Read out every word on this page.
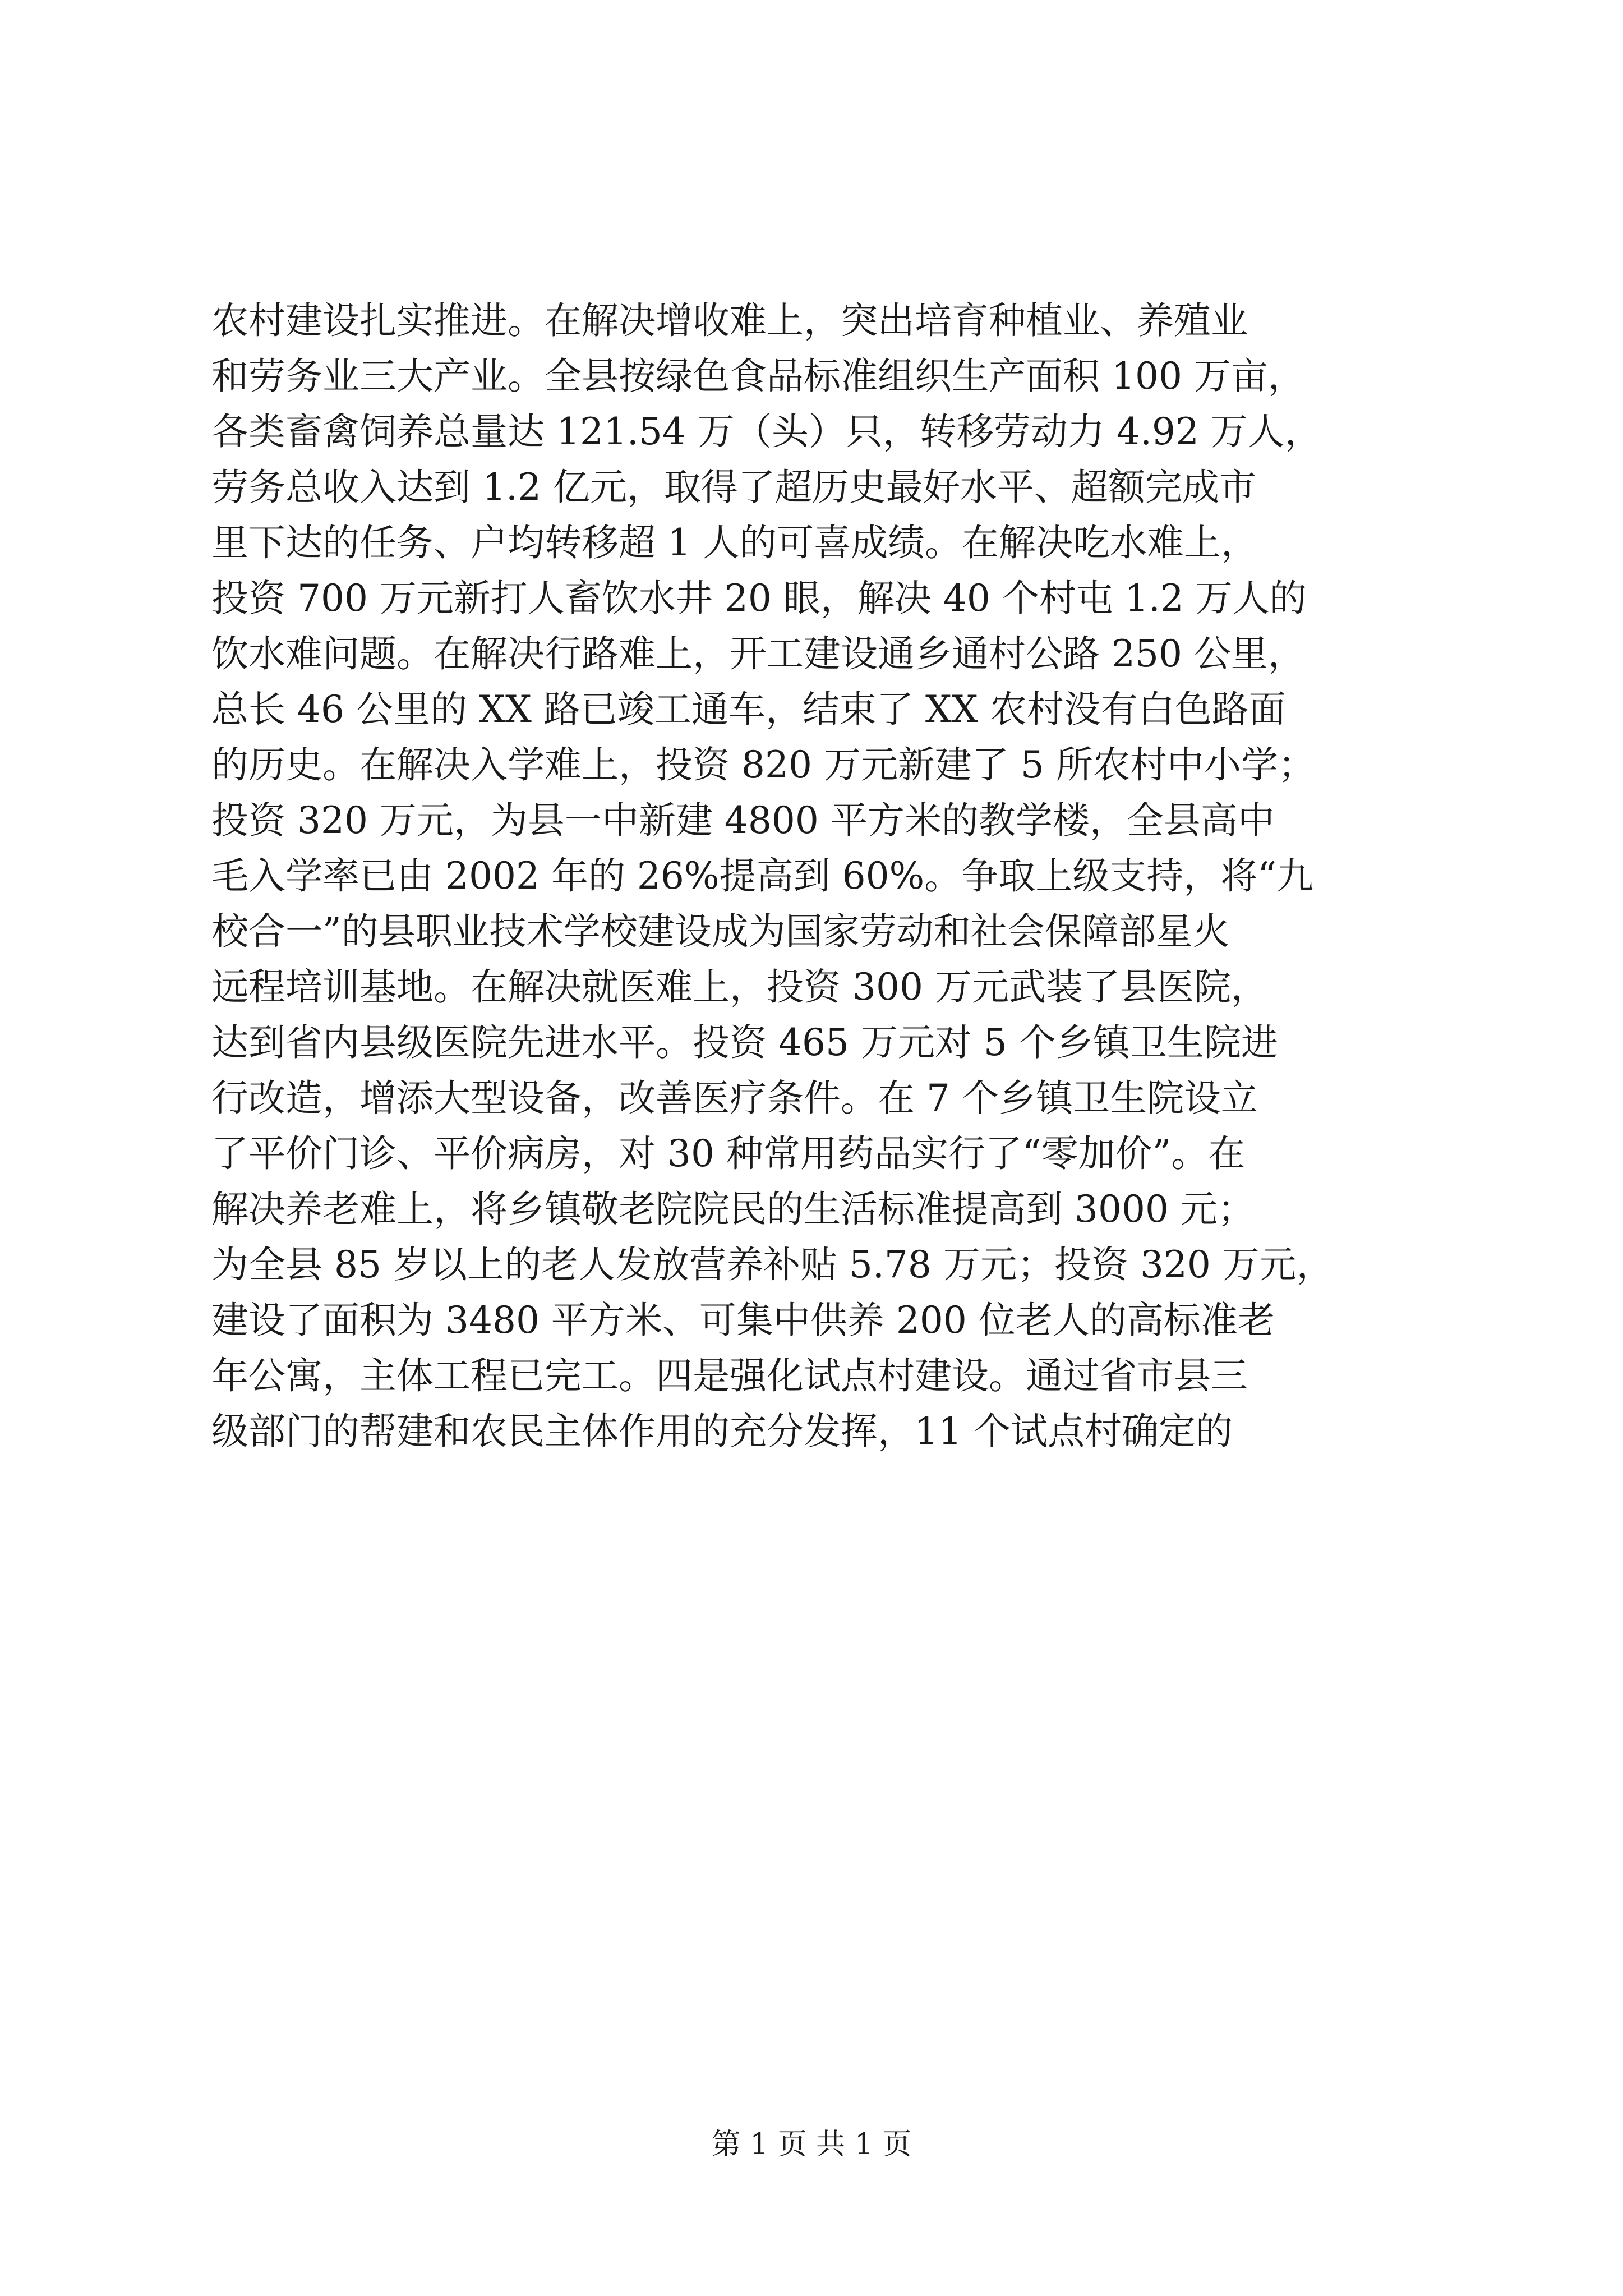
农村建设扎实推进。在解决增收难上，突出培育种植业、养殖业
和劳务业三大产业。全县按绿色食品标准组织生产面积 100 万亩，
各类畜禽饲养总量达 121.54 万（头）只，转移劳动力 4.92 万人，
劳务总收入达到 1.2 亿元，取得了超历史最好水平、超额完成市
里下达的任务、户均转移超 1 人的可喜成绩。在解决吃水难上，
投资 700 万元新打人畜饮水井 20 眼，解决 40 个村屯 1.2 万人的
饮水难问题。在解决行路难上，开工建设通乡通村公路 250 公里，
总长 46 公里的 XX 路已竣工通车，结束了 XX 农村没有白色路面
的历史。在解决入学难上，投资 820 万元新建了 5 所农村中小学；
投资 320 万元，为县一中新建 4800 平方米的教学楼，全县高中
毛入学率已由 2002 年的 26%提高到 60%。争取上级支持，将“九
校合一”的县职业技术学校建设成为国家劳动和社会保障部星火
远程培训基地。在解决就医难上，投资 300 万元武装了县医院，
达到省内县级医院先进水平。投资 465 万元对 5 个乡镇卫生院进
行改造，增添大型设备，改善医疗条件。在 7 个乡镇卫生院设立
了平价门诊、平价病房，对 30 种常用药品实行了“零加价”。在
解决养老难上，将乡镇敬老院院民的生活标准提高到 3000 元；
为全县 85 岁以上的老人发放营养补贴 5.78 万元；投资 320 万元，
建设了面积为 3480 平方米、可集中供养 200 位老人的高标准老
年公寓，主体工程已完工。四是强化试点村建设。通过省市县三
级部门的帮建和农民主体作用的充分发挥，11 个试点村确定的
第 1 页 共 1 页
